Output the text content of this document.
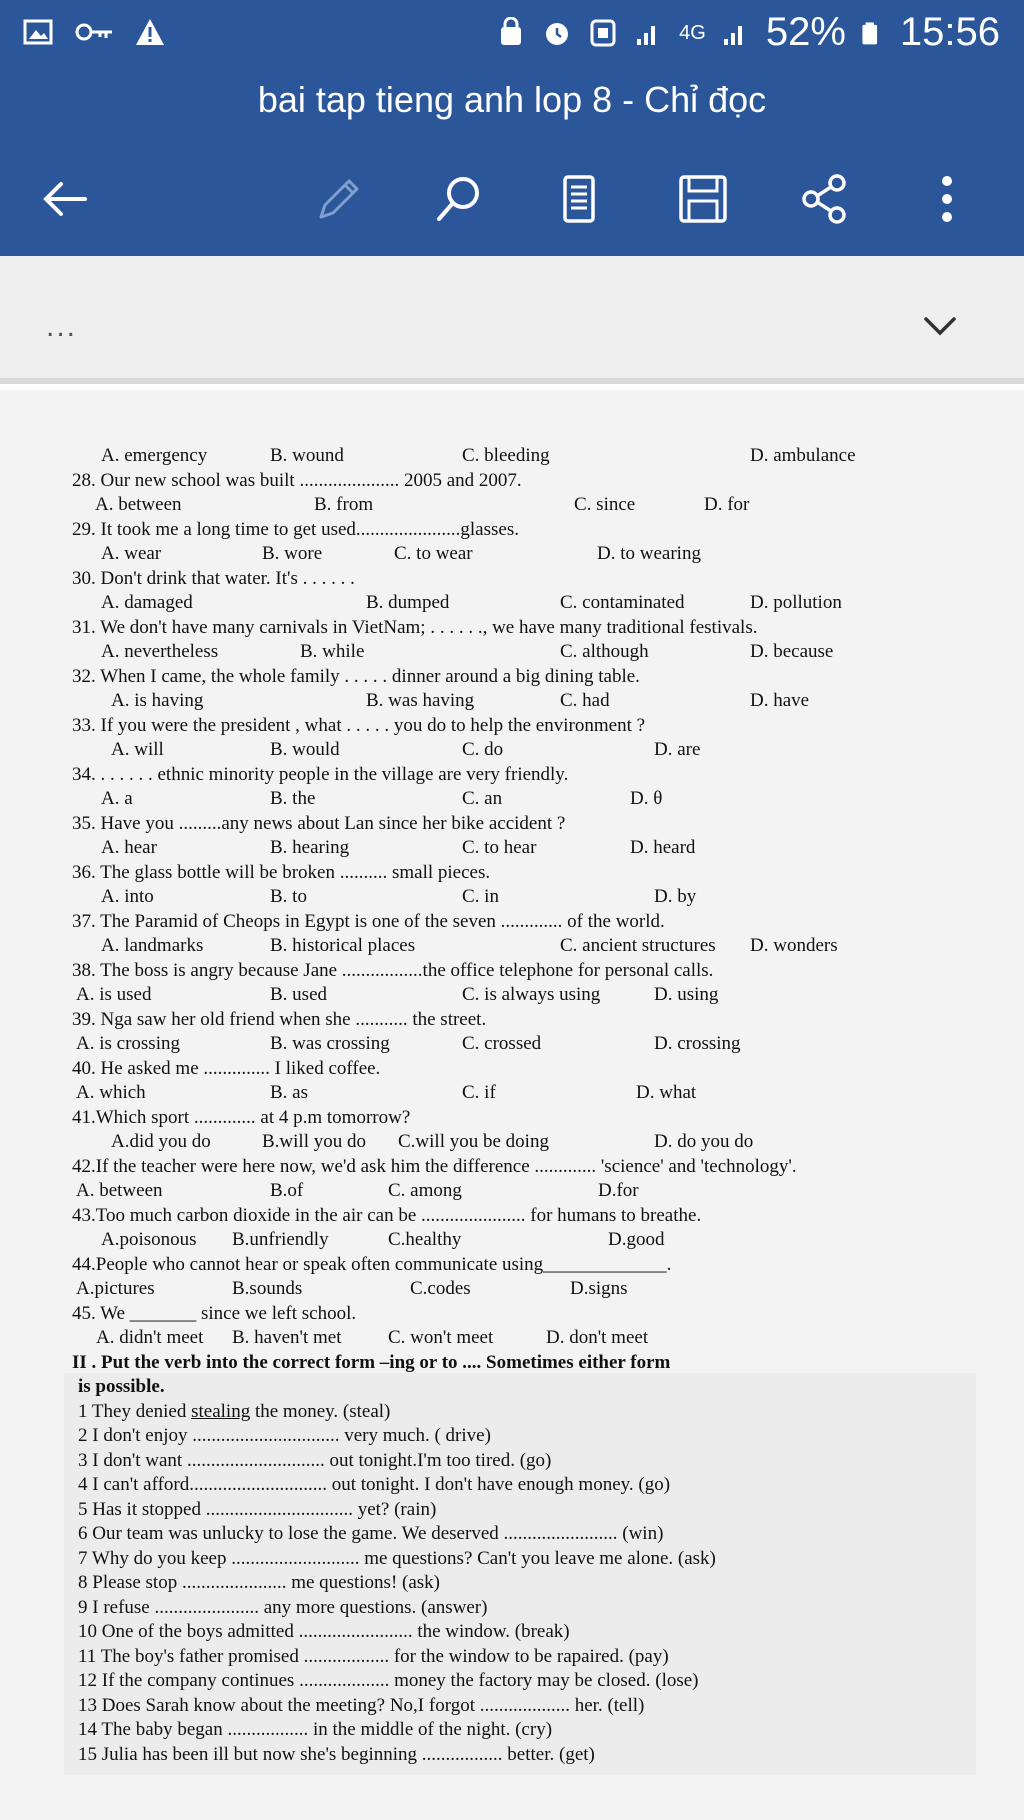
4G 52% 15:56
bai tap tieng anh lop 8 - Chỉ đọc
...
A. emergency	B. wound	C. bleeding	D. ambulance
28. Our new school was built ..................... 2005 and 2007.
A. between	B. from	C. since	D. for
29. It took me a long time to get used......................glasses.
A. wear	B. wore	C. to wear	D. to wearing
30. Don't drink that water. It's . . . . . .
A. damaged	B. dumped	C. contaminated	D. pollution
31. We don't have many carnivals in VietNam; . . . . . ., we have many traditional festivals.
A. nevertheless	B. while	C. although	D. because
32. When I came, the whole family . . . . . dinner around a big dining table.
A. is having	B. was having	C. had	D. have
33. If you were the president , what . . . . . you do to help the environment ?
A. will	B. would	C. do	D. are
34. . . . . . . ethnic minority people in the village are very friendly.
A. a	B. the	C. an	D. θ
35. Have you .........any news about Lan since her bike accident ?
A. hear	B. hearing	C. to hear	D. heard
36. The glass bottle will be broken .......... small pieces.
A. into	B. to	C. in	D. by
37. The Paramid of Cheops in Egypt is one of the seven ............. of the world.
A. landmarks	B. historical places	C. ancient structures D. wonders
38. The boss is angry because Jane .................the office telephone for personal calls.
A. is used	B. used	C. is always using	D. using
39. Nga saw her old friend when she ........... the street.
A. is crossing	B. was crossing	C. crossed	D. crossing
40. He asked me .............. I liked coffee.
A. which	B. as	C. if	D. what
41.Which sport ............. at 4 p.m tomorrow?
A.did you do	B.will you do C.will you be doing	D. do you do
42.If the teacher were here now, we'd ask him the difference ............. 'science' and 'technology'.
A. between	B.of	C. among	D.for
43.Too much carbon dioxide in the air can be ...................... for humans to breathe.
A.poisonous B.unfriendly	C.healthy	D.good
44.People who cannot hear or speak often communicate using_____________.
A.pictures	B.sounds	C.codes	D.signs
45. We _______ since we left school.
A. didn't meet B. haven't met C. won't meet	D. don't meet
II . Put the verb into the correct form –ing or to .... Sometimes either form
is possible.
1 They denied stealing the money. (steal)
2 I don't enjoy ............................... very much. ( drive)
3 I don't want ............................. out tonight.I'm too tired. (go)
4 I can't afford............................. out tonight. I don't have enough money. (go)
5 Has it stopped ............................... yet? (rain)
6 Our team was unlucky to lose the game. We deserved ........................ (win)
7 Why do you keep ........................... me questions? Can't you leave me alone. (ask)
8 Please stop ...................... me questions! (ask)
9 I refuse ...................... any more questions. (answer)
10 One of the boys admitted ........................ the window. (break)
11 The boy's father promised .................. for the window to be rapaired. (pay)
12 If the company continues ................... money the factory may be closed. (lose)
13 Does Sarah know about the meeting? No,I forgot ................... her. (tell)
14 The baby began ................. in the middle of the night. (cry)
15 Julia has been ill but now she's beginning ................. better. (get)
